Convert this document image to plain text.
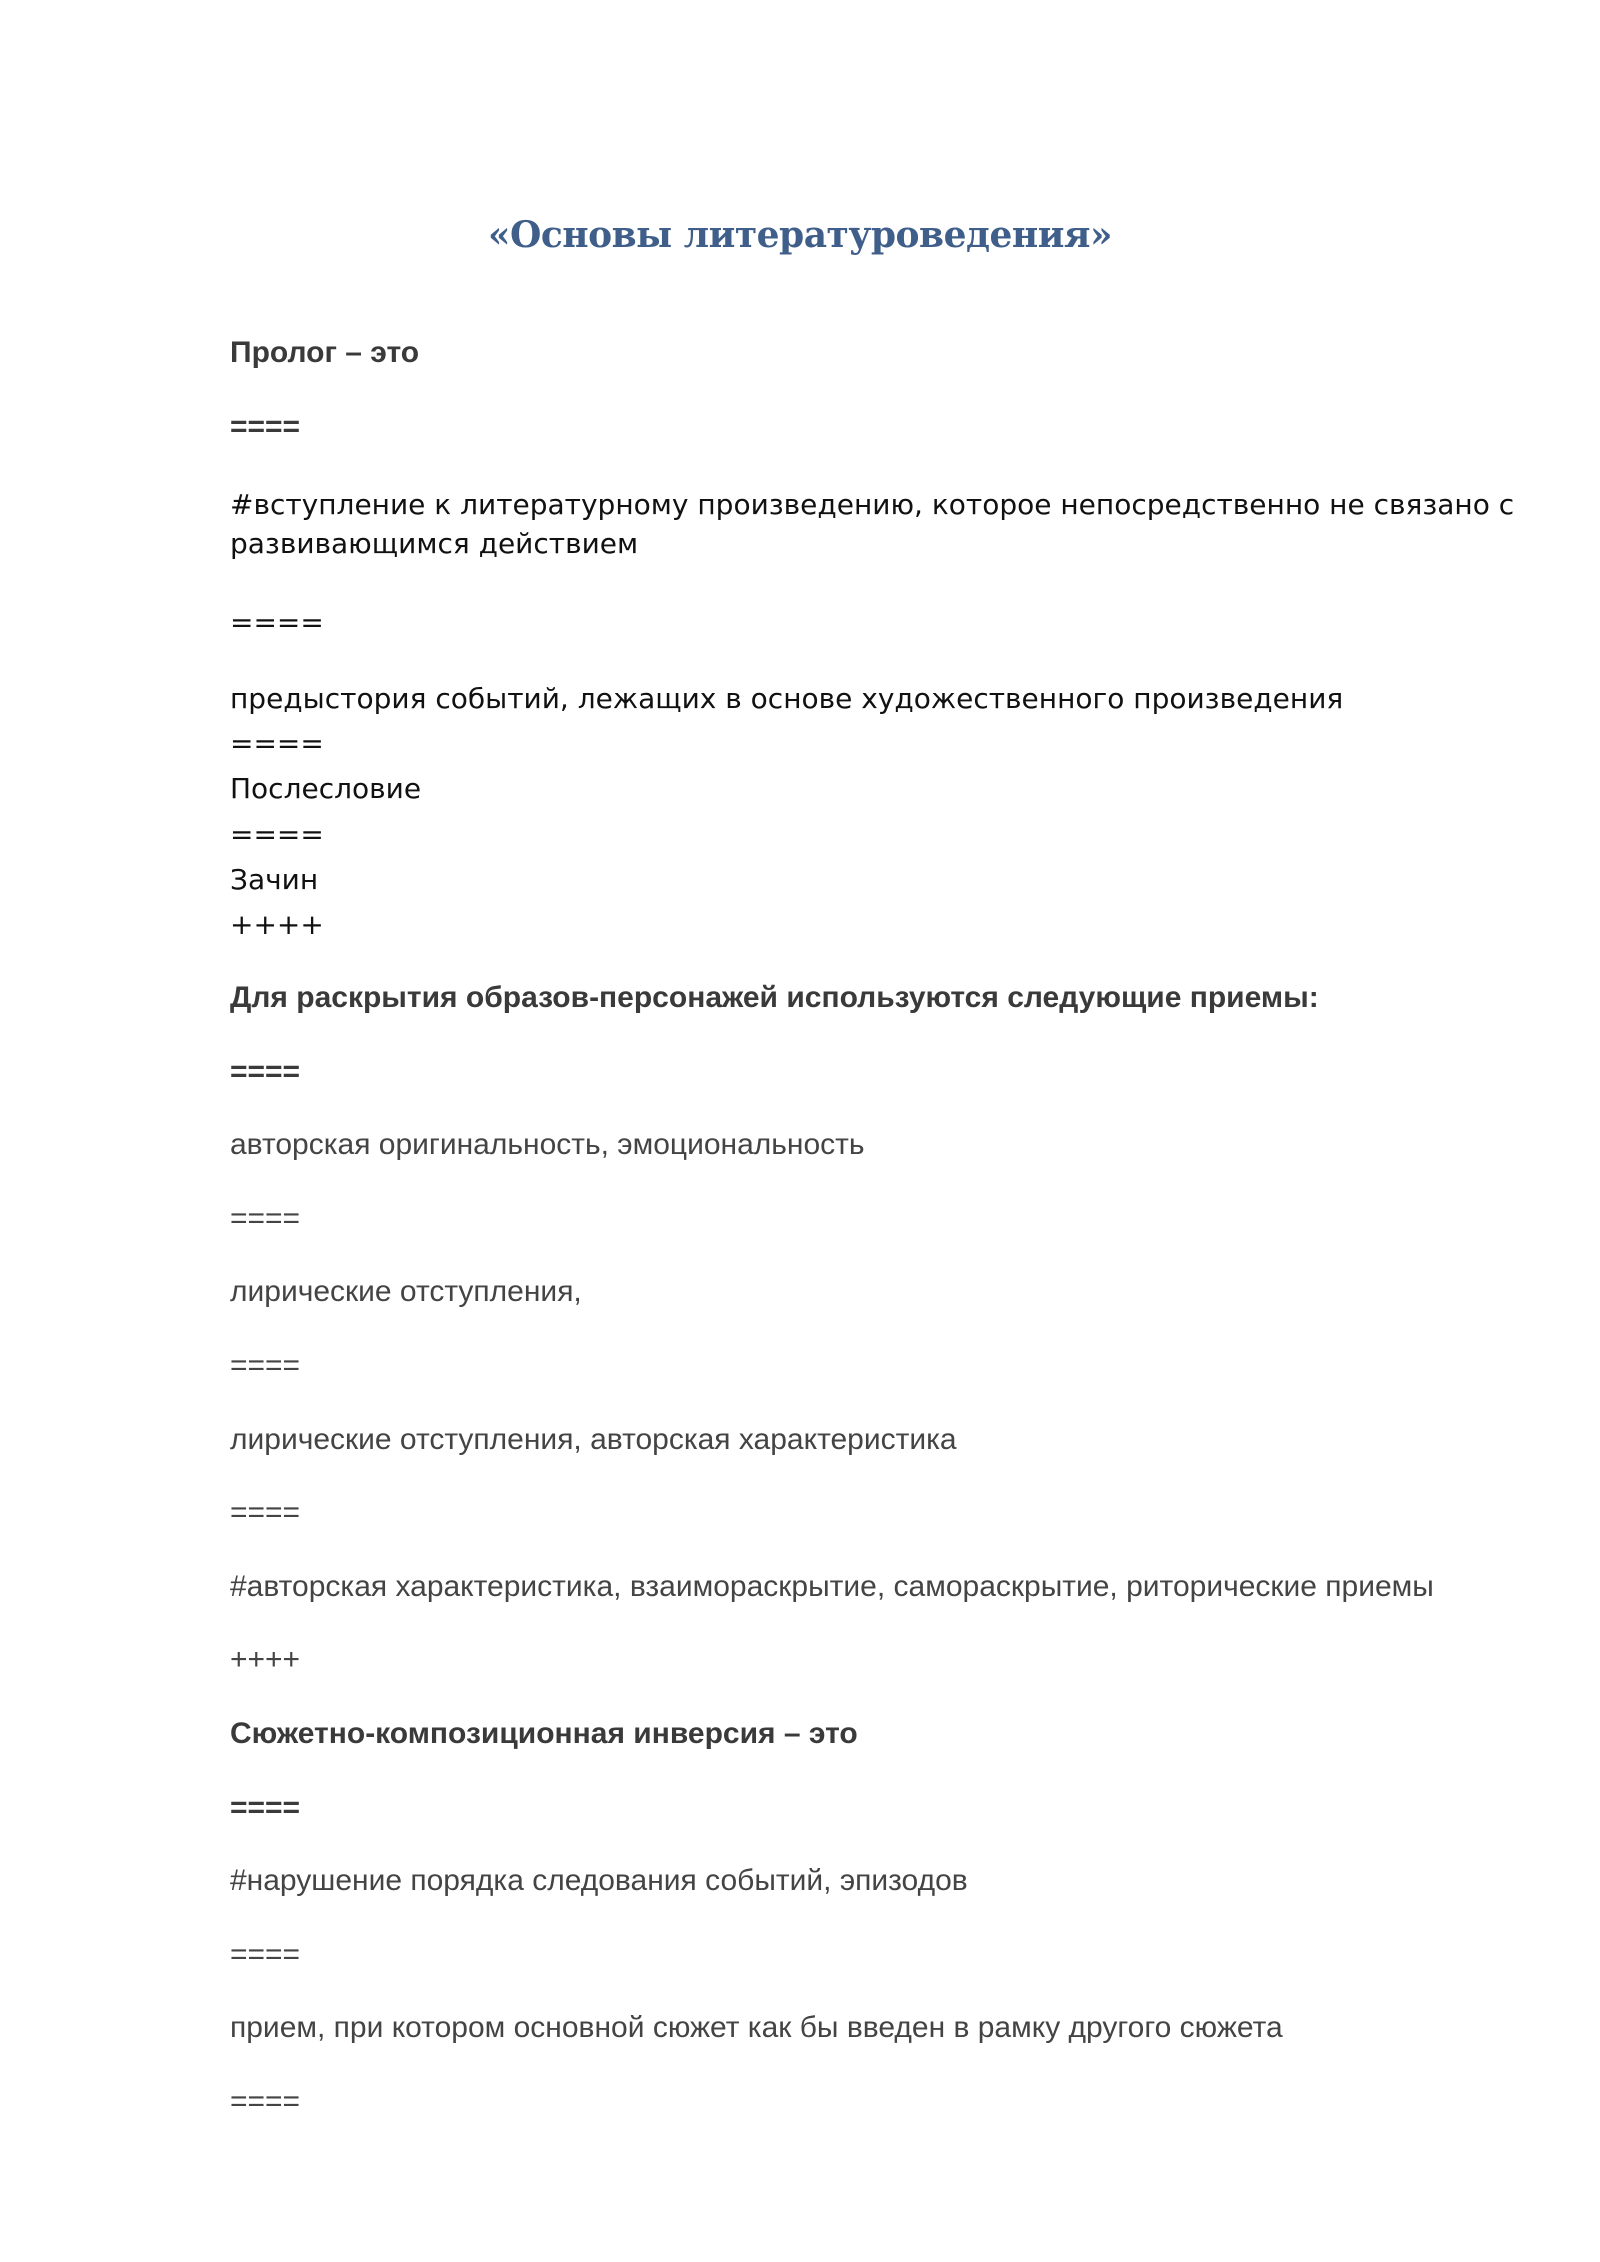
«Основы литературоведения»
Пролог – это
====
#вступление к литературному произведению, которое непосредственно не связано с
развивающимся действием
====
предыстория событий, лежащих в основе художественного произведения
====
Послесловие
====
Зачин
++++
Для раскрытия образов-персонажей используются следующие приемы:
====
авторская оригинальность, эмоциональность
====
лирические отступления,
====
лирические отступления, авторская характеристика
====
#авторская характеристика, взаиморaскрытие, самораскрытие, риторические приемы
++++
Сюжетно-композиционная инверсия – это
====
#нарушение порядка следования событий, эпизодов
====
прием, при котором основной сюжет как бы введен в рамку другого сюжета
====
